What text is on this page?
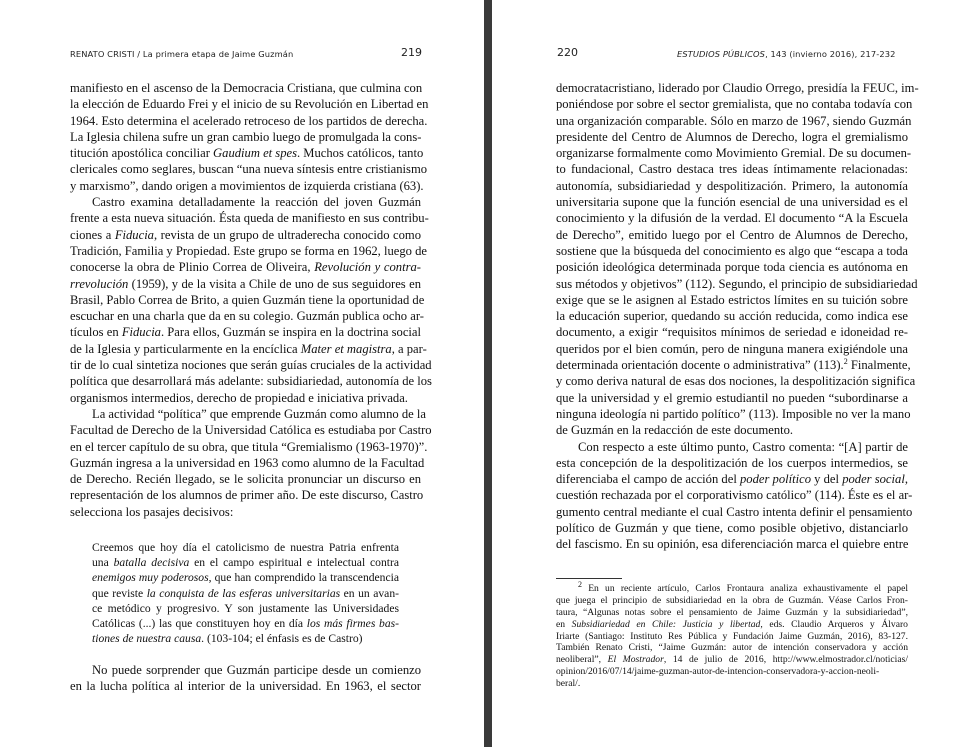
RENATO CRISTI / La primera etapa de Jaime Guzmán	219
manifiesto en el ascenso de la Democracia Cristiana, que culmina con
la elección de Eduardo Frei y el inicio de su Revolución en Libertad en
1964. Esto determina el acelerado retroceso de los partidos de derecha.
La Iglesia chilena sufre un gran cambio luego de promulgada la cons-
titución apostólica conciliar Gaudium et spes. Muchos católicos, tanto
clericales como seglares, buscan “una nueva síntesis entre cristianismo
y marxismo”, dando origen a movimientos de izquierda cristiana (63).
Castro examina detalladamente la reacción del joven Guzmán
frente a esta nueva situación. Ésta queda de manifiesto en sus contribu-
ciones a Fiducia, revista de un grupo de ultraderecha conocido como
Tradición, Familia y Propiedad. Este grupo se forma en 1962, luego de
conocerse la obra de Plinio Correa de Oliveira, Revolución y contra-
rrevolución (1959), y de la visita a Chile de uno de sus seguidores en
Brasil, Pablo Correa de Brito, a quien Guzmán tiene la oportunidad de
escuchar en una charla que da en su colegio. Guzmán publica ocho ar-
tículos en Fiducia. Para ellos, Guzmán se inspira en la doctrina social
de la Iglesia y particularmente en la encíclica Mater et magistra, a par-
tir de lo cual sintetiza nociones que serán guías cruciales de la actividad
política que desarrollará más adelante: subsidiariedad, autonomía de los
organismos intermedios, derecho de propiedad e iniciativa privada.
La actividad “política” que emprende Guzmán como alumno de la
Facultad de Derecho de la Universidad Católica es estudiaba por Castro
en el tercer capítulo de su obra, que titula “Gremialismo (1963-1970)”.
Guzmán ingresa a la universidad en 1963 como alumno de la Facultad
de Derecho. Recién llegado, se le solicita pronunciar un discurso en
representación de los alumnos de primer año. De este discurso, Castro
selecciona los pasajes decisivos:
Creemos que hoy día el catolicismo de nuestra Patria enfrenta
una batalla decisiva en el campo espiritual e intelectual contra
enemigos muy poderosos, que han comprendido la transcendencia
que reviste la conquista de las esferas universitarias en un avan-
ce metódico y progresivo. Y son justamente las Universidades
Católicas (...) las que constituyen hoy en día los más firmes bas-
tiones de nuestra causa. (103-104; el énfasis es de Castro)
No puede sorprender que Guzmán participe desde un comienzo
en la lucha política al interior de la universidad. En 1963, el sector
220	ESTUDIOS PÚBLICOS, 143 (invierno 2016), 217-232
democratacristiano, liderado por Claudio Orrego, presidía la FEUC, im-
poniéndose por sobre el sector gremialista, que no contaba todavía con
una organización comparable. Sólo en marzo de 1967, siendo Guzmán
presidente del Centro de Alumnos de Derecho, logra el gremialismo
organizarse formalmente como Movimiento Gremial. De su documen-
to fundacional, Castro destaca tres ideas íntimamente relacionadas:
autonomía, subsidiariedad y despolitización. Primero, la autonomía
universitaria supone que la función esencial de una universidad es el
conocimiento y la difusión de la verdad. El documento “A la Escuela
de Derecho”, emitido luego por el Centro de Alumnos de Derecho,
sostiene que la búsqueda del conocimiento es algo que “escapa a toda
posición ideológica determinada porque toda ciencia es autónoma en
sus métodos y objetivos” (112). Segundo, el principio de subsidiariedad
exige que se le asignen al Estado estrictos límites en su tuición sobre
la educación superior, quedando su acción reducida, como indica ese
documento, a exigir “requisitos mínimos de seriedad e idoneidad re-
queridos por el bien común, pero de ninguna manera exigiéndole una
determinada orientación docente o administrativa” (113).$^2$ Finalmente,
y como deriva natural de esas dos nociones, la despolitización significa
que la universidad y el gremio estudiantil no pueden “subordinarse a
ninguna ideología ni partido político” (113). Imposible no ver la mano
de Guzmán en la redacción de este documento.
Con respecto a este último punto, Castro comenta: “[A] partir de
esta concepción de la despolitización de los cuerpos intermedios, se
diferenciaba el campo de acción del poder político y del poder social,
cuestión rechazada por el corporativismo católico” (114). Éste es el ar-
gumento central mediante el cual Castro intenta definir el pensamiento
político de Guzmán y que tiene, como posible objetivo, distanciarlo
del fascismo. En su opinión, esa diferenciación marca el quiebre entre
$^2$ En un reciente artículo, Carlos Frontaura analiza exhaustivamente el papel
que juega el principio de subsidiariedad en la obra de Guzmán. Véase Carlos Fron-
taura, “Algunas notas sobre el pensamiento de Jaime Guzmán y la subsidiariedad”,
en Subsidiariedad en Chile: Justicia y libertad, eds. Claudio Arqueros y Álvaro
Iriarte (Santiago: Instituto Res Pública y Fundación Jaime Guzmán, 2016), 83-127.
También Renato Cristi, “Jaime Guzmán: autor de intención conservadora y acción
neoliberal”, El Mostrador, 14 de julio de 2016, http://www.elmostrador.cl/noticias/
opinion/2016/07/14/jaime-guzman-autor-de-intencion-conservadora-y-accion-neoli-
beral/.
